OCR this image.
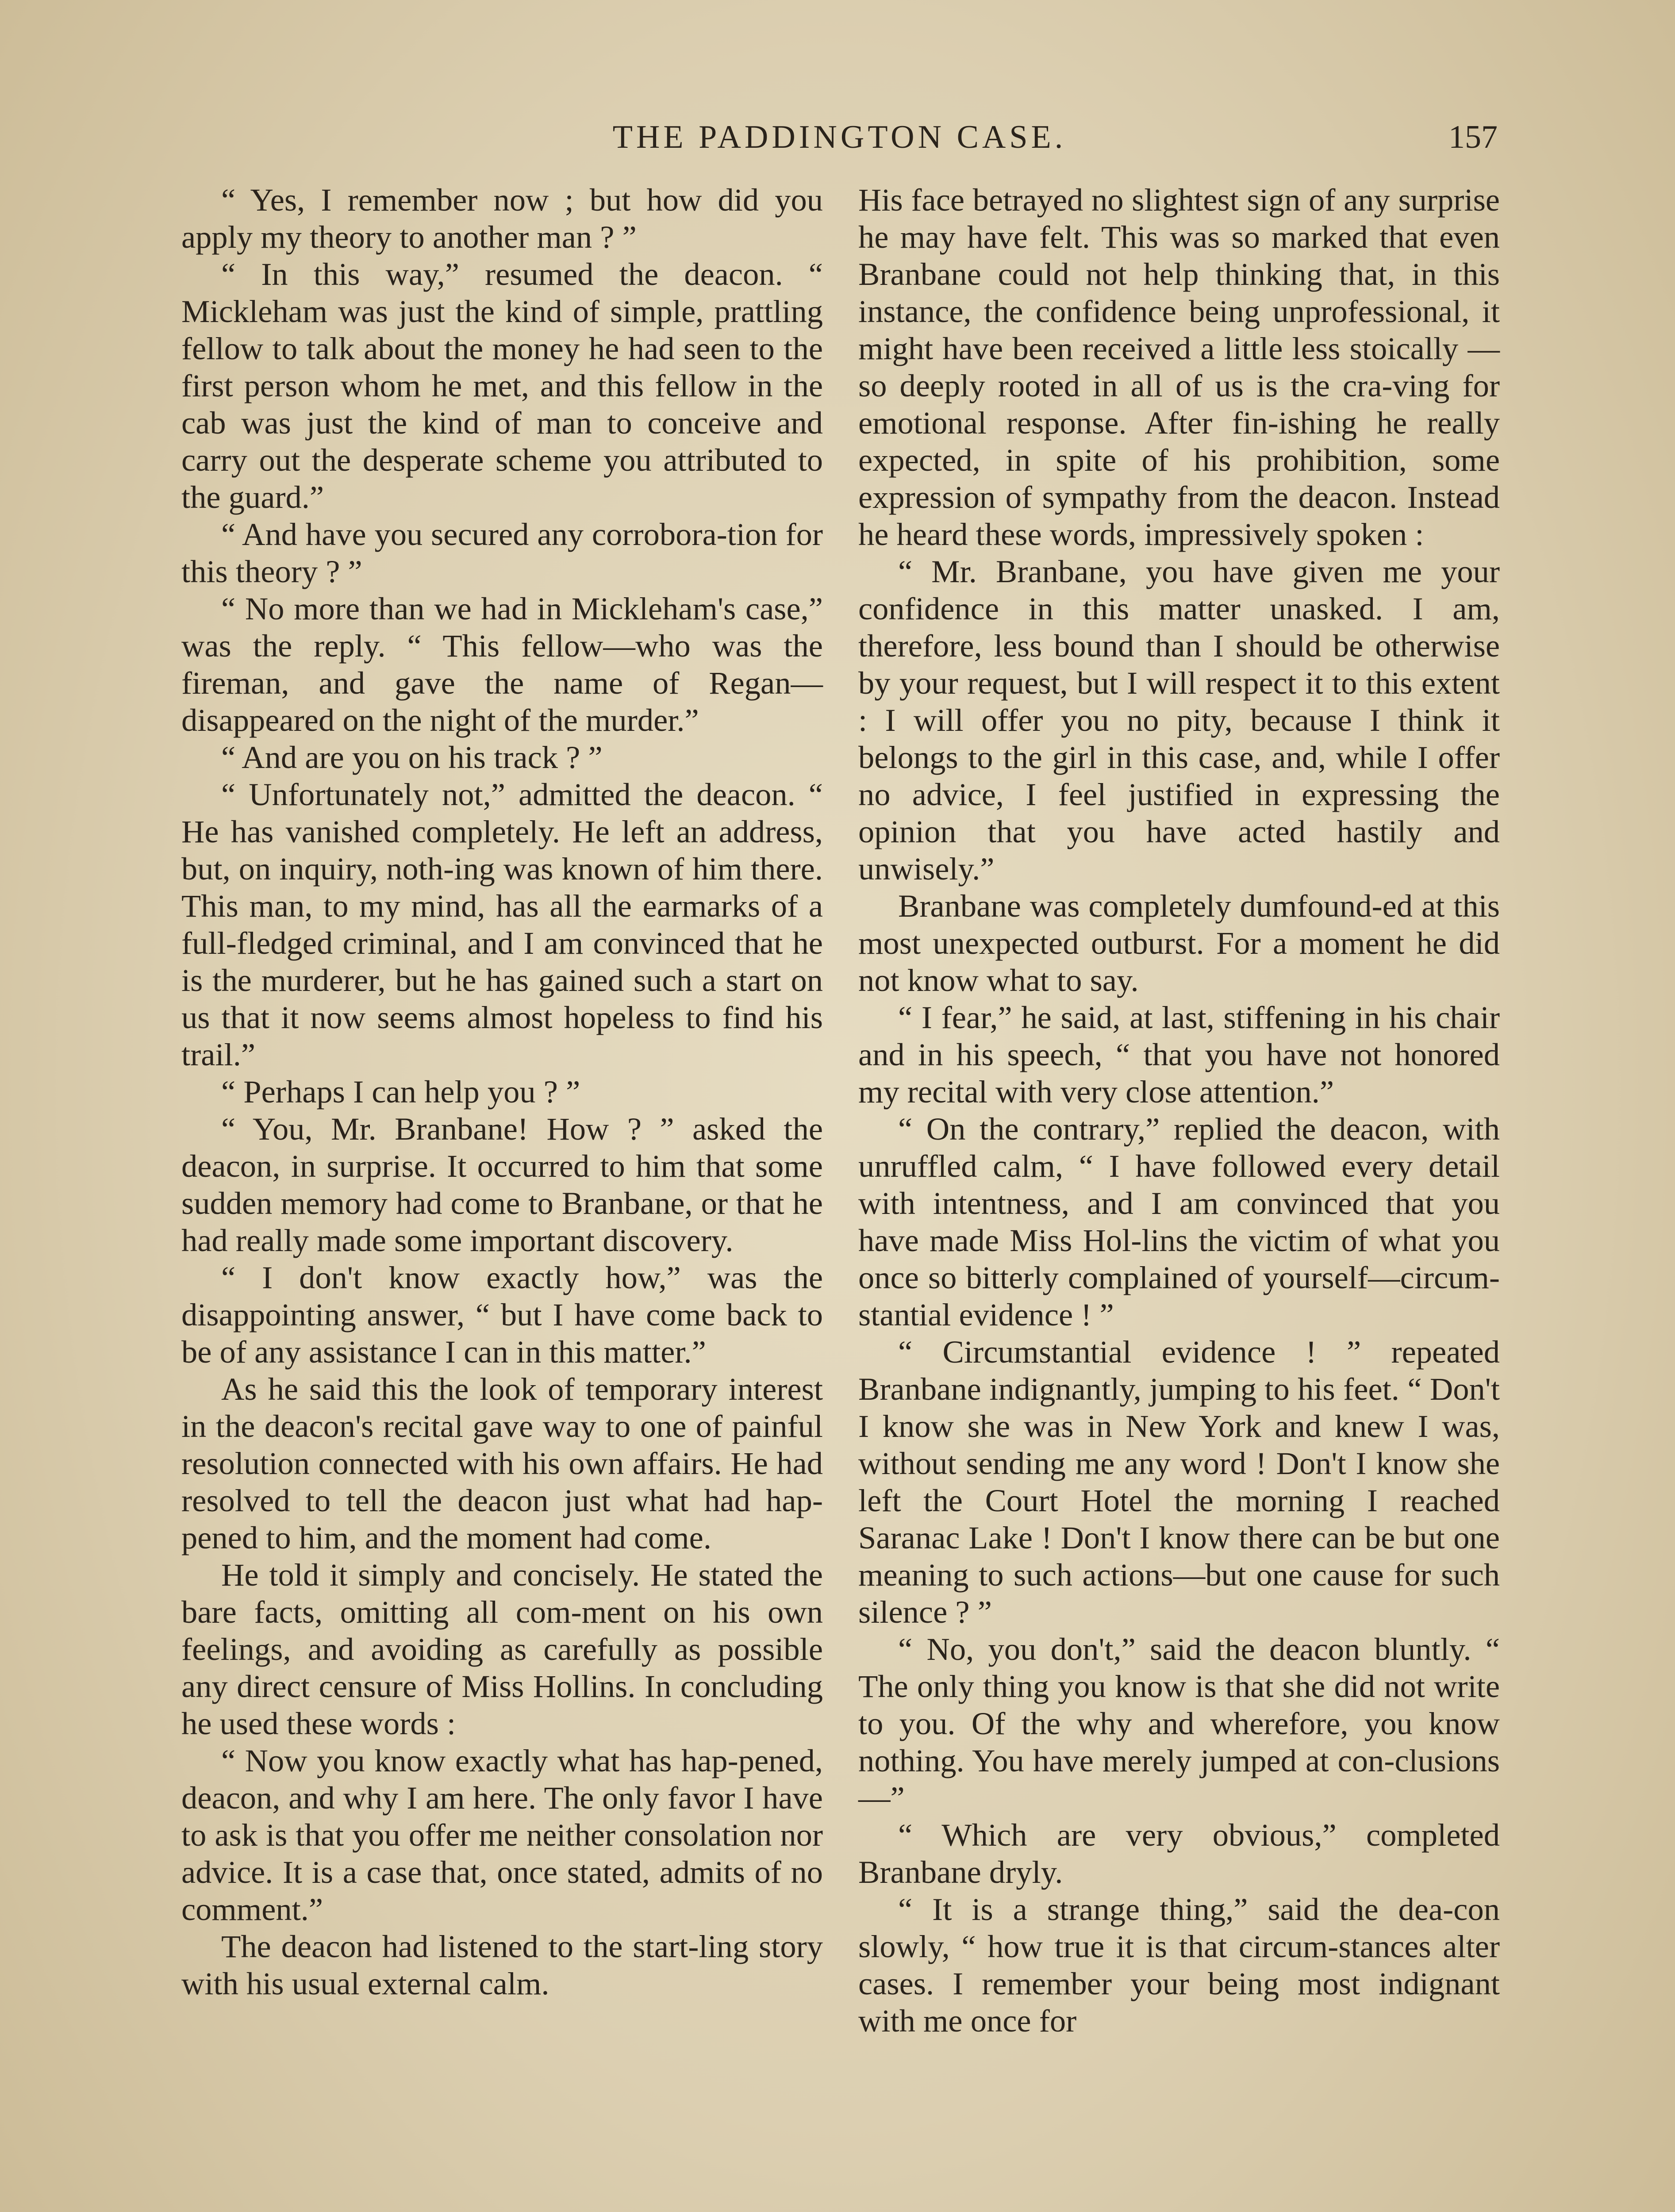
THE PADDINGTON CASE.	157

“ Yes, I remember now ; but how did you apply my theory to another man ? ”

“ In this way,” resumed the deacon. “ Mickleham was just the kind of simple, prattling fellow to talk about the money he had seen to the first person whom he met, and this fellow in the cab was just the kind of man to conceive and carry out the desperate scheme you attributed to the guard.”

“ And have you secured any corrobora-tion for this theory ? ”

“ No more than we had in Mickleham's case,” was the reply. “ This fellow—who was the fireman, and gave the name of Regan—disappeared on the night of the murder.”

“ And are you on his track ? ”

“ Unfortunately not,” admitted the deacon. “ He has vanished completely. He left an address, but, on inquiry, noth-ing was known of him there. This man, to my mind, has all the earmarks of a full-fledged criminal, and I am convinced that he is the murderer, but he has gained such a start on us that it now seems almost hopeless to find his trail.”

“ Perhaps I can help you ? ”

“ You, Mr. Branbane! How ? ” asked the deacon, in surprise. It occurred to him that some sudden memory had come to Branbane, or that he had really made some important discovery.

“ I don't know exactly how,” was the disappointing answer, “ but I have come back to be of any assistance I can in this matter.”

As he said this the look of temporary interest in the deacon's recital gave way to one of painful resolution connected with his own affairs. He had resolved to tell the deacon just what had hap-pened to him, and the moment had come.

He told it simply and concisely. He stated the bare facts, omitting all com-ment on his own feelings, and avoiding as carefully as possible any direct censure of Miss Hollins. In concluding he used these words :

“ Now you know exactly what has hap-pened, deacon, and why I am here. The only favor I have to ask is that you offer me neither consolation nor advice. It is a case that, once stated, admits of no comment.”

The deacon had listened to the start-ling story with his usual external calm.

His face betrayed no slightest sign of any surprise he may have felt. This was so marked that even Branbane could not help thinking that, in this instance, the confidence being unprofessional, it might have been received a little less stoically —so deeply rooted in all of us is the cra-ving for emotional response. After fin-ishing he really expected, in spite of his prohibition, some expression of sympathy from the deacon. Instead he heard these words, impressively spoken :

“ Mr. Branbane, you have given me your confidence in this matter unasked. I am, therefore, less bound than I should be otherwise by your request, but I will respect it to this extent : I will offer you no pity, because I think it belongs to the girl in this case, and, while I offer no advice, I feel justified in expressing the opinion that you have acted hastily and unwisely.”

Branbane was completely dumfound-ed at this most unexpected outburst. For a moment he did not know what to say.

“ I fear,” he said, at last, stiffening in his chair and in his speech, “ that you have not honored my recital with very close attention.”

“ On the contrary,” replied the deacon, with unruffled calm, “ I have followed every detail with intentness, and I am convinced that you have made Miss Hol-lins the victim of what you once so bitterly complained of yourself—circum-stantial evidence ! ”

“ Circumstantial evidence ! ” repeated Branbane indignantly, jumping to his feet. “ Don't I know she was in New York and knew I was, without sending me any word ! Don't I know she left the Court Hotel the morning I reached Saranac Lake ! Don't I know there can be but one meaning to such actions—but one cause for such silence ? ”

“ No, you don't,” said the deacon bluntly. “ The only thing you know is that she did not write to you. Of the why and wherefore, you know nothing. You have merely jumped at con-clusions—”

“ Which are very obvious,” completed Branbane dryly.

“ It is a strange thing,” said the dea-con slowly, “ how true it is that circum-stances alter cases. I remember your being most indignant with me once for
